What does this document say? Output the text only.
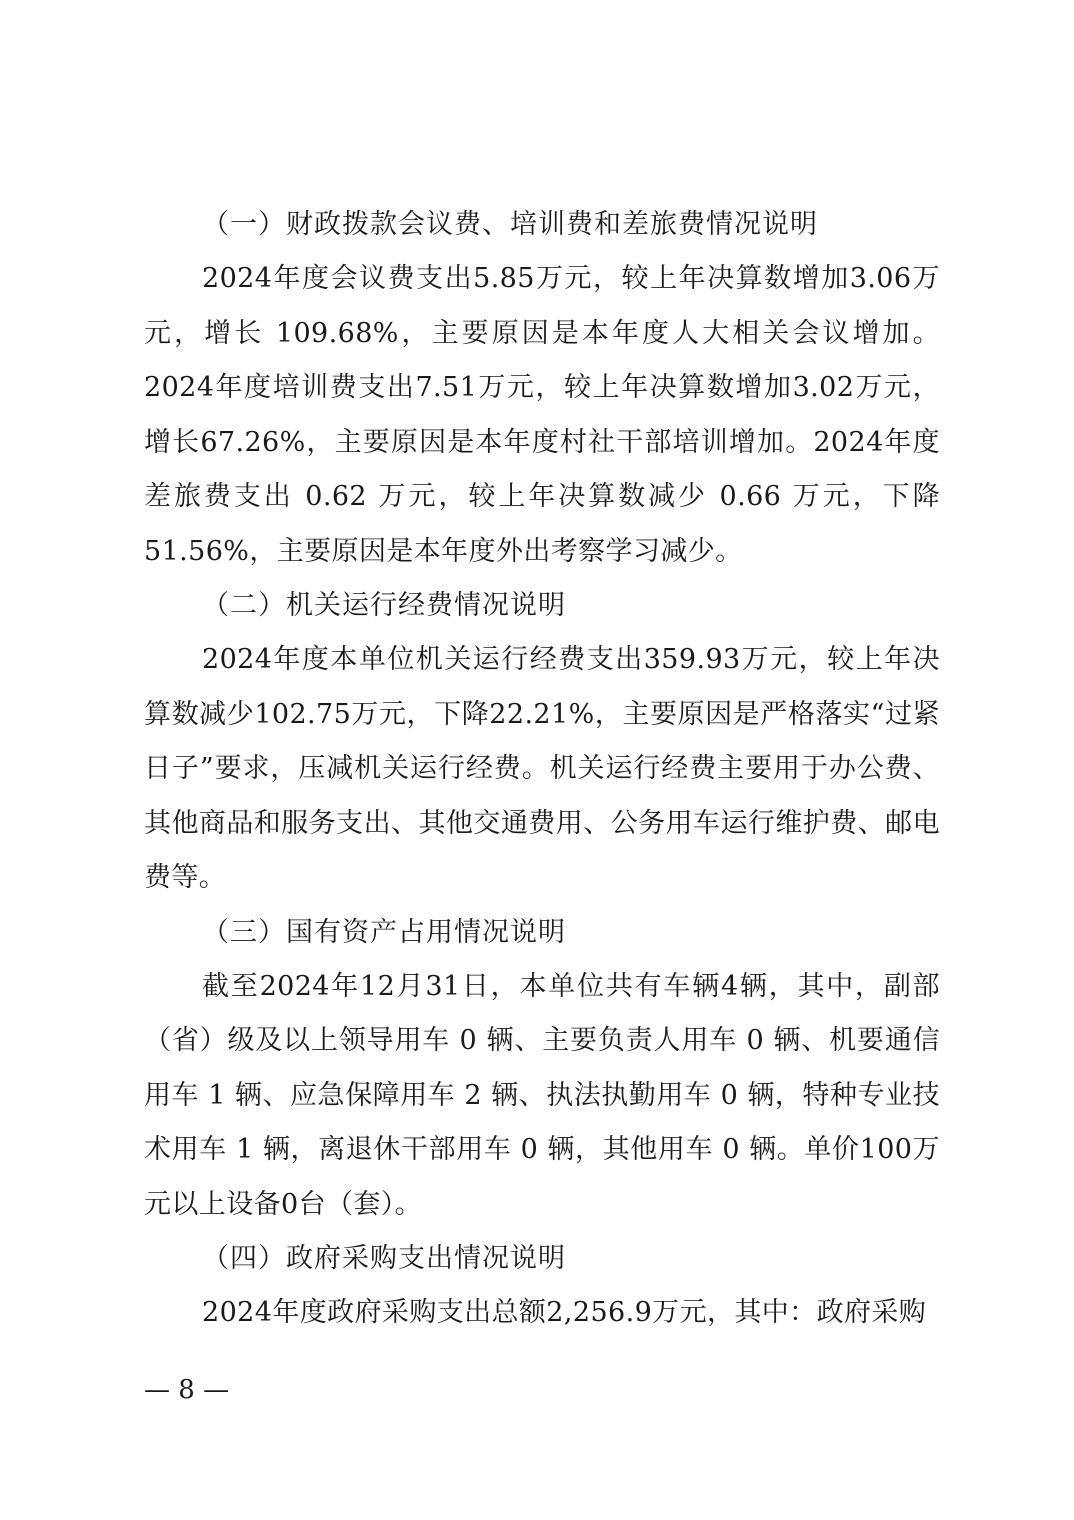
（一）财政拨款会议费、培训费和差旅费情况说明

2024年度会议费支出5.85万元，较上年决算数增加3.06万元，增长 109.68%，主要原因是本年度人大相关会议增加。2024年度培训费支出7.51万元，较上年决算数增加3.02万元，增长67.26%，主要原因是本年度村社干部培训增加。2024年度差旅费支出 0.62 万元，较上年决算数减少 0.66 万元，下降51.56%，主要原因是本年度外出考察学习减少。

（二）机关运行经费情况说明

2024年度本单位机关运行经费支出359.93万元，较上年决算数减少102.75万元，下降22.21%，主要原因是严格落实“过紧日子”要求，压减机关运行经费。机关运行经费主要用于办公费、其他商品和服务支出、其他交通费用、公务用车运行维护费、邮电费等。

（三）国有资产占用情况说明

截至2024年12月31日，本单位共有车辆4辆，其中，副部（省）级及以上领导用车 0 辆、主要负责人用车 0 辆、机要通信用车 1 辆、应急保障用车 2 辆、执法执勤用车 0 辆，特种专业技术用车 1 辆，离退休干部用车 0 辆，其他用车 0 辆。单价100万元以上设备0台（套）。

（四）政府采购支出情况说明

2024年度政府采购支出总额2,256.9万元，其中：政府采购

— 8 —
